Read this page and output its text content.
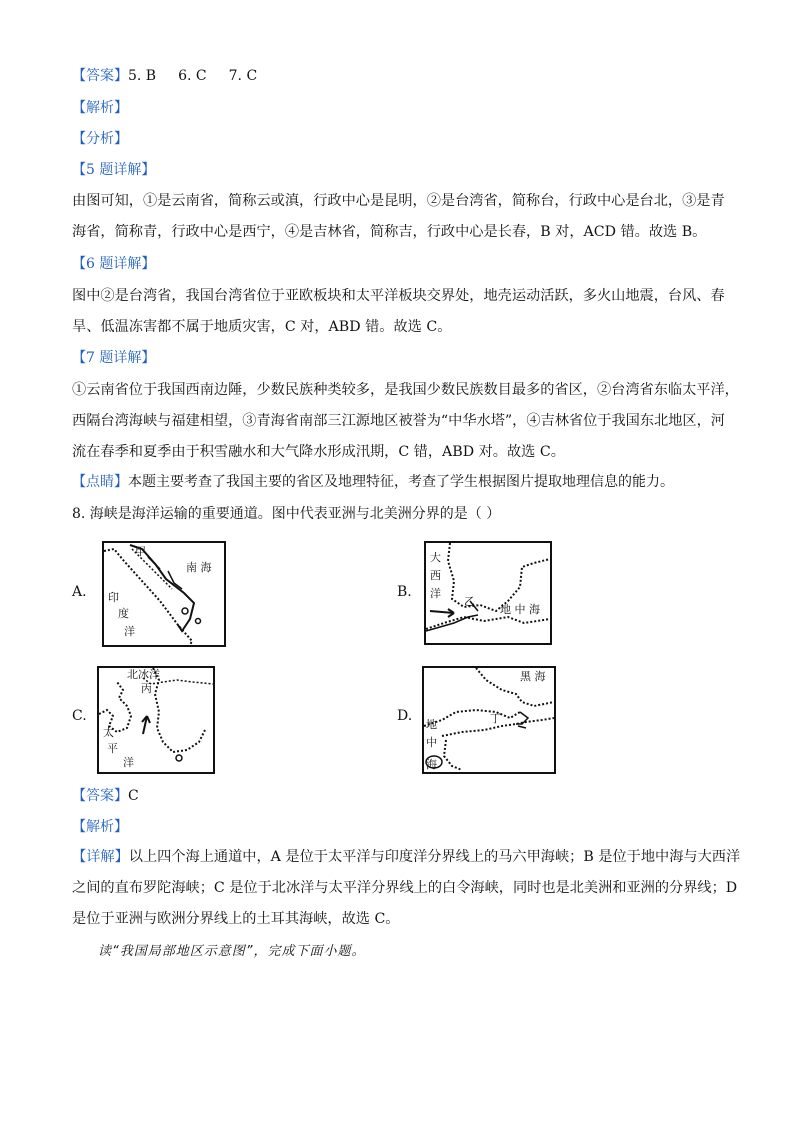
【答案】5. B 6. C 7. C
【解析】
【分析】
【5 题详解】
由图可知，①是云南省，简称云或滇，行政中心是昆明，②是台湾省，简称台，行政中心是台北，③是青
海省，简称青，行政中心是西宁，④是吉林省，简称吉，行政中心是长春，B 对，ACD 错。故选 B。
【6 题详解】
图中②是台湾省，我国台湾省位于亚欧板块和太平洋板块交界处，地壳运动活跃，多火山地震，台风、春
旱、低温冻害都不属于地质灾害，C 对，ABD 错。故选 C。
【7 题详解】
①云南省位于我国西南边陲，少数民族种类较多，是我国少数民族数目最多的省区，②台湾省东临太平洋，
西隔台湾海峡与福建相望，③青海省南部三江源地区被誉为“中华水塔”，④吉林省位于我国东北地区，河
流在春季和夏季由于积雪融水和大气降水形成汛期，C 错，ABD 对。故选 C。
【点睛】本题主要考查了我国主要的省区及地理特征，考查了学生根据图片提取地理信息的能力。
8. 海峡是海洋运输的重要通道。图中代表亚洲与北美洲分界的是（ ）
A.
甲
南 海
印
度
洋
B.
大
西
洋
乙
地 中 海
C.
北冰洋
丙
太
平
洋
D.
黑 海
丁
地
中
海
【答案】C
【解析】
【详解】以上四个海上通道中，A 是位于太平洋与印度洋分界线上的马六甲海峡；B 是位于地中海与大西洋
之间的直布罗陀海峡；C 是位于北冰洋与太平洋分界线上的白令海峡，同时也是北美洲和亚洲的分界线；D
是位于亚洲与欧洲分界线上的土耳其海峡，故选 C。
读“我国局部地区示意图”，完成下面小题。
